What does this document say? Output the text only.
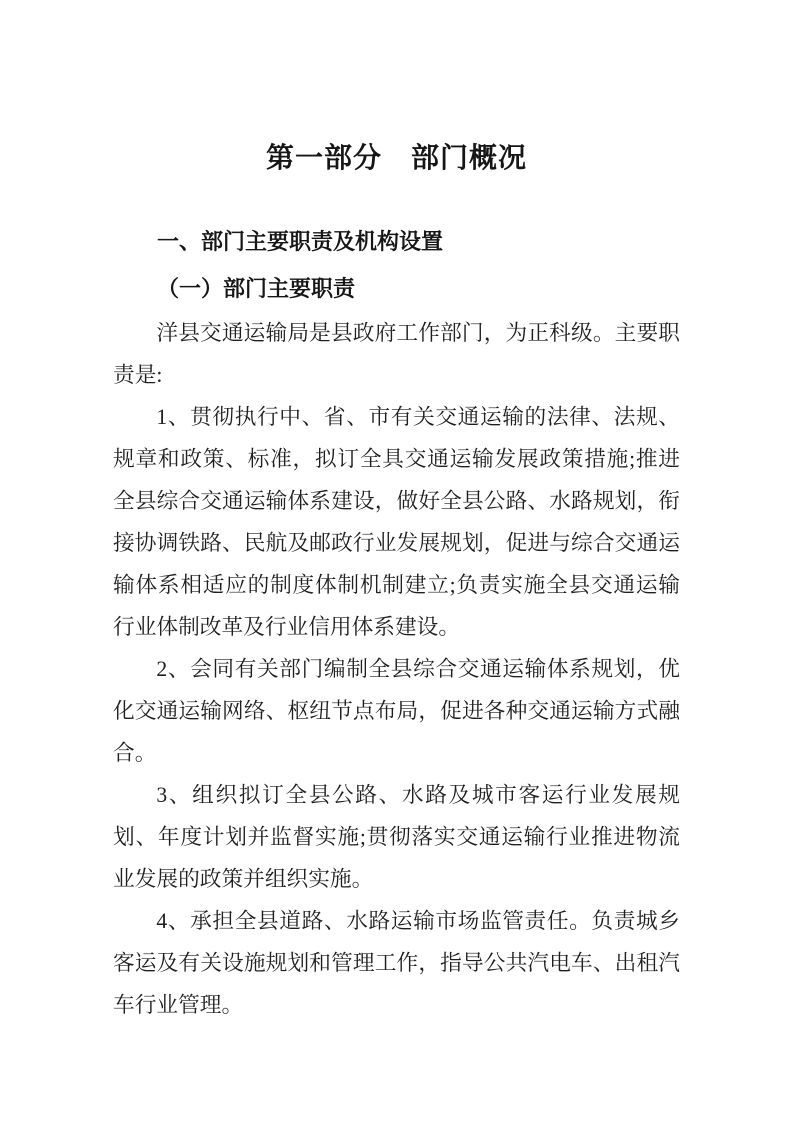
第一部分　部门概况
一、部门主要职责及机构设置
（一）部门主要职责

洋县交通运输局是县政府工作部门，为正科级。主要职责是:

1、贯彻执行中、省、市有关交通运输的法律、法规、规章和政策、标准，拟订全具交通运输发展政策措施;推进全县综合交通运输体系建设，做好全县公路、水路规划，衔接协调铁路、民航及邮政行业发展规划，促进与综合交通运输体系相适应的制度体制机制建立;负责实施全县交通运输行业体制改革及行业信用体系建设。

2、会同有关部门编制全县综合交通运输体系规划，优化交通运输网络、枢纽节点布局，促进各种交通运输方式融合。

3、组织拟订全县公路、水路及城市客运行业发展规划、年度计划并监督实施;贯彻落实交通运输行业推进物流业发展的政策并组织实施。

4、承担全县道路、水路运输市场监管责任。负责城乡客运及有关设施规划和管理工作，指导公共汽电车、出租汽车行业管理。
